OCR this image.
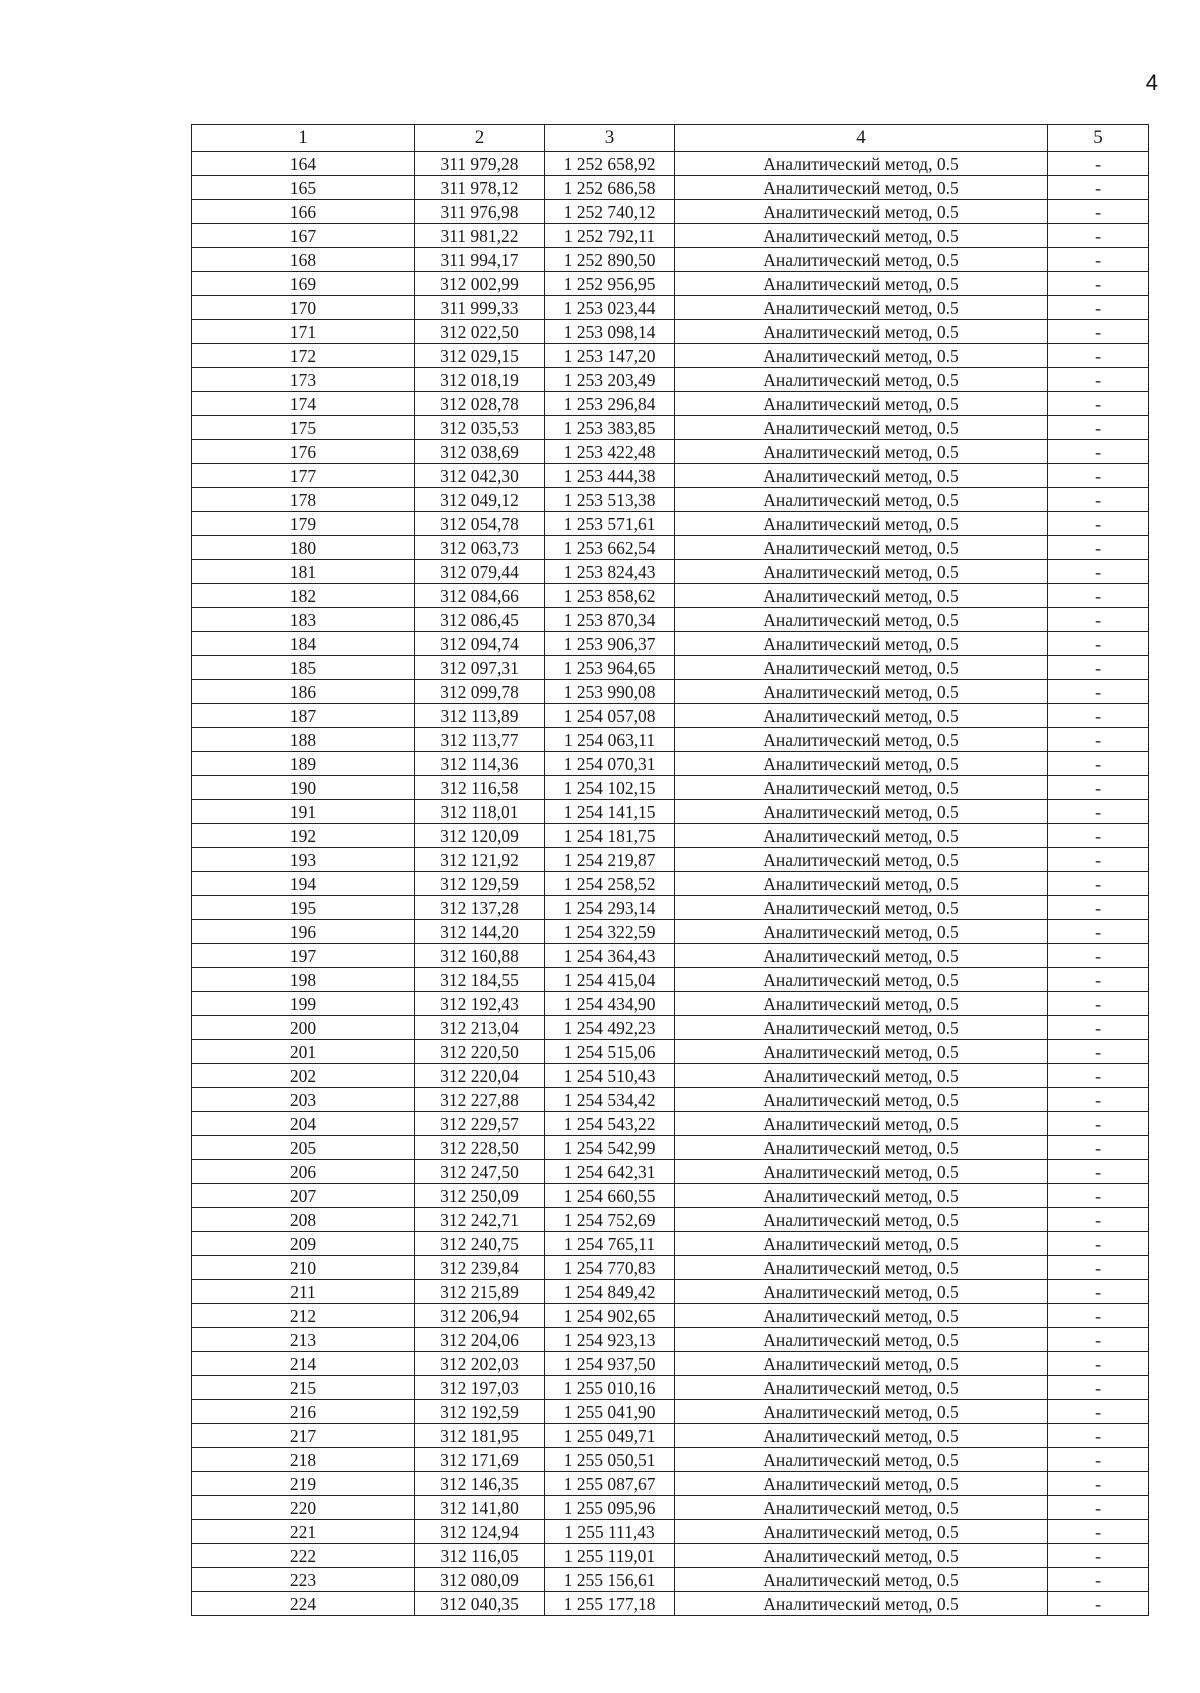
4
1	2	3	4	5
164	311 979,28	1 252 658,92	Аналитический метод, 0.5	-
165	311 978,12	1 252 686,58	Аналитический метод, 0.5	-
166	311 976,98	1 252 740,12	Аналитический метод, 0.5	-
167	311 981,22	1 252 792,11	Аналитический метод, 0.5	-
168	311 994,17	1 252 890,50	Аналитический метод, 0.5	-
169	312 002,99	1 252 956,95	Аналитический метод, 0.5	-
170	311 999,33	1 253 023,44	Аналитический метод, 0.5	-
171	312 022,50	1 253 098,14	Аналитический метод, 0.5	-
172	312 029,15	1 253 147,20	Аналитический метод, 0.5	-
173	312 018,19	1 253 203,49	Аналитический метод, 0.5	-
174	312 028,78	1 253 296,84	Аналитический метод, 0.5	-
175	312 035,53	1 253 383,85	Аналитический метод, 0.5	-
176	312 038,69	1 253 422,48	Аналитический метод, 0.5	-
177	312 042,30	1 253 444,38	Аналитический метод, 0.5	-
178	312 049,12	1 253 513,38	Аналитический метод, 0.5	-
179	312 054,78	1 253 571,61	Аналитический метод, 0.5	-
180	312 063,73	1 253 662,54	Аналитический метод, 0.5	-
181	312 079,44	1 253 824,43	Аналитический метод, 0.5	-
182	312 084,66	1 253 858,62	Аналитический метод, 0.5	-
183	312 086,45	1 253 870,34	Аналитический метод, 0.5	-
184	312 094,74	1 253 906,37	Аналитический метод, 0.5	-
185	312 097,31	1 253 964,65	Аналитический метод, 0.5	-
186	312 099,78	1 253 990,08	Аналитический метод, 0.5	-
187	312 113,89	1 254 057,08	Аналитический метод, 0.5	-
188	312 113,77	1 254 063,11	Аналитический метод, 0.5	-
189	312 114,36	1 254 070,31	Аналитический метод, 0.5	-
190	312 116,58	1 254 102,15	Аналитический метод, 0.5	-
191	312 118,01	1 254 141,15	Аналитический метод, 0.5	-
192	312 120,09	1 254 181,75	Аналитический метод, 0.5	-
193	312 121,92	1 254 219,87	Аналитический метод, 0.5	-
194	312 129,59	1 254 258,52	Аналитический метод, 0.5	-
195	312 137,28	1 254 293,14	Аналитический метод, 0.5	-
196	312 144,20	1 254 322,59	Аналитический метод, 0.5	-
197	312 160,88	1 254 364,43	Аналитический метод, 0.5	-
198	312 184,55	1 254 415,04	Аналитический метод, 0.5	-
199	312 192,43	1 254 434,90	Аналитический метод, 0.5	-
200	312 213,04	1 254 492,23	Аналитический метод, 0.5	-
201	312 220,50	1 254 515,06	Аналитический метод, 0.5	-
202	312 220,04	1 254 510,43	Аналитический метод, 0.5	-
203	312 227,88	1 254 534,42	Аналитический метод, 0.5	-
204	312 229,57	1 254 543,22	Аналитический метод, 0.5	-
205	312 228,50	1 254 542,99	Аналитический метод, 0.5	-
206	312 247,50	1 254 642,31	Аналитический метод, 0.5	-
207	312 250,09	1 254 660,55	Аналитический метод, 0.5	-
208	312 242,71	1 254 752,69	Аналитический метод, 0.5	-
209	312 240,75	1 254 765,11	Аналитический метод, 0.5	-
210	312 239,84	1 254 770,83	Аналитический метод, 0.5	-
211	312 215,89	1 254 849,42	Аналитический метод, 0.5	-
212	312 206,94	1 254 902,65	Аналитический метод, 0.5	-
213	312 204,06	1 254 923,13	Аналитический метод, 0.5	-
214	312 202,03	1 254 937,50	Аналитический метод, 0.5	-
215	312 197,03	1 255 010,16	Аналитический метод, 0.5	-
216	312 192,59	1 255 041,90	Аналитический метод, 0.5	-
217	312 181,95	1 255 049,71	Аналитический метод, 0.5	-
218	312 171,69	1 255 050,51	Аналитический метод, 0.5	-
219	312 146,35	1 255 087,67	Аналитический метод, 0.5	-
220	312 141,80	1 255 095,96	Аналитический метод, 0.5	-
221	312 124,94	1 255 111,43	Аналитический метод, 0.5	-
222	312 116,05	1 255 119,01	Аналитический метод, 0.5	-
223	312 080,09	1 255 156,61	Аналитический метод, 0.5	-
224	312 040,35	1 255 177,18	Аналитический метод, 0.5	-
